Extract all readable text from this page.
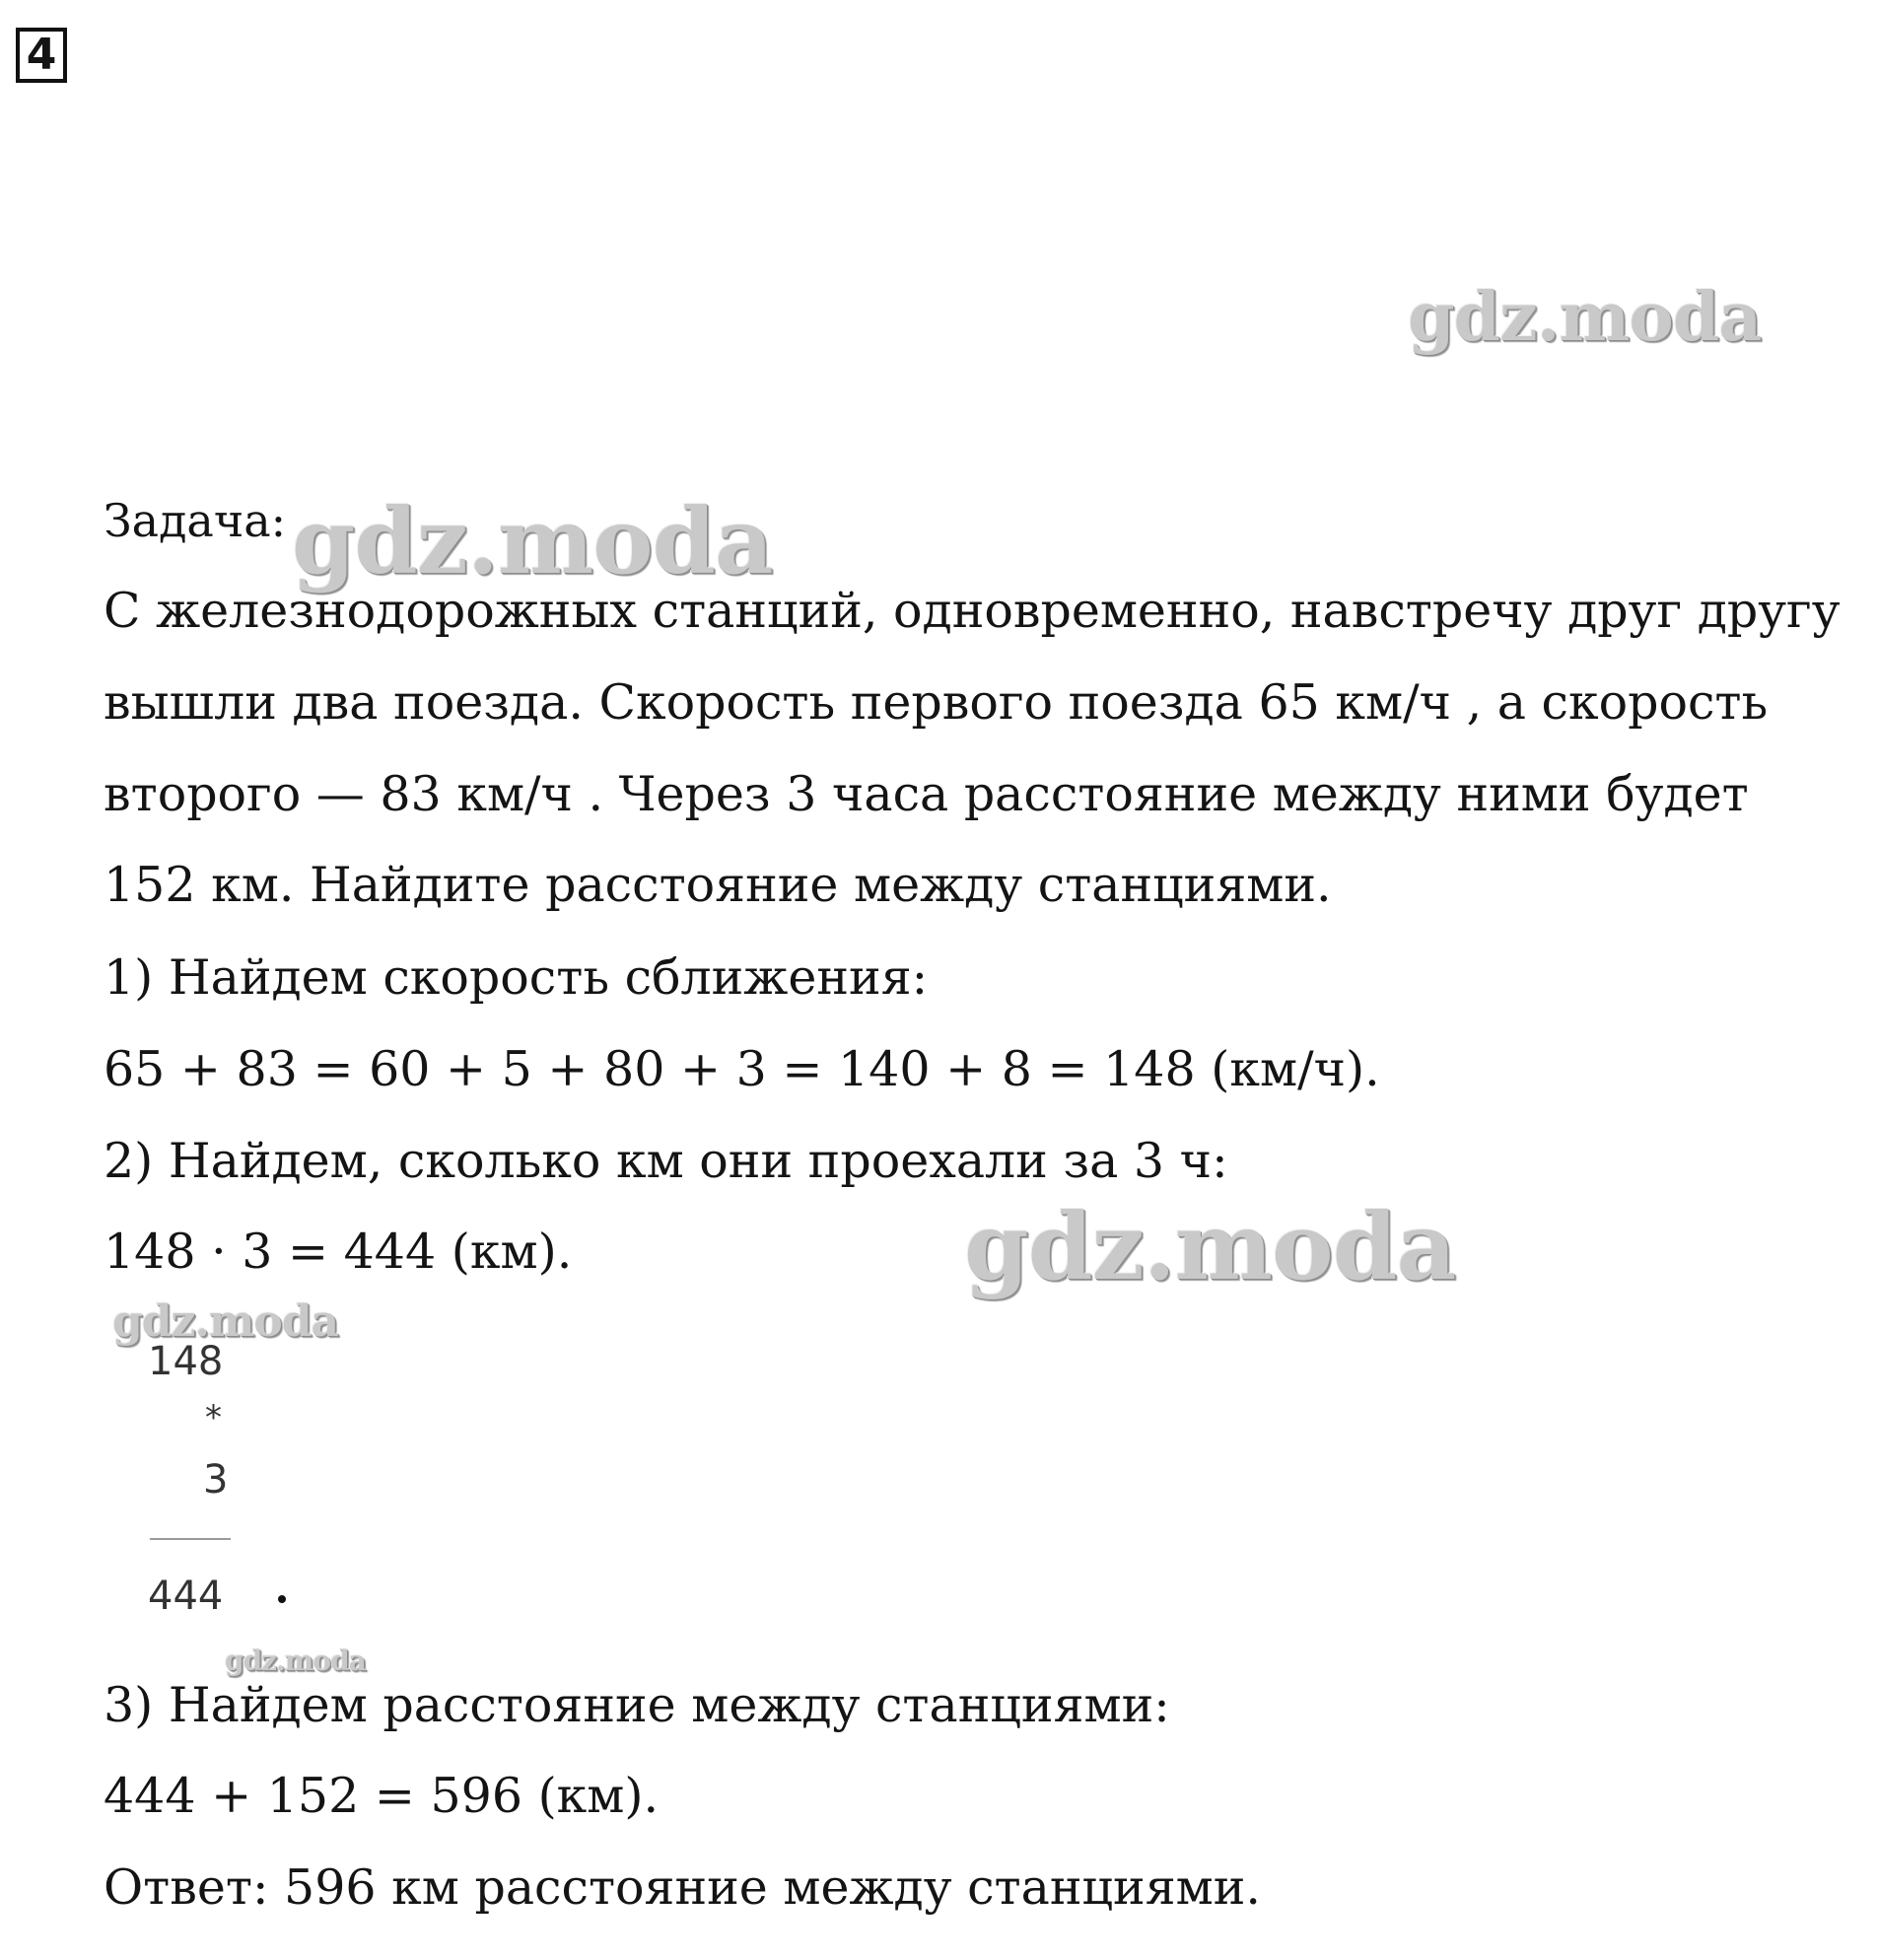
4
gdz.moda
Задача: gdz.moda
С железнодорожных станций, одновременно, навстречу друг другу
вышли два поезда. Скорость первого поезда 65 км/ч , а скорость
второго — 83 км/ч . Через 3 часа расстояние между ними будет
152 км. Найдите расстояние между станциями.
1) Найдем скорость сближения:
65 + 83 = 60 + 5 + 80 + 3 = 140 + 8 = 148 (км/ч).
2) Найдем, сколько км они проехали за 3 ч:
148 · 3 = 444 (км).	gdz.moda
gdz.moda
148
*
3
444
gdz.moda
3) Найдем расстояние между станциями:
444 + 152 = 596 (км).
Ответ: 596 км расстояние между станциями.
